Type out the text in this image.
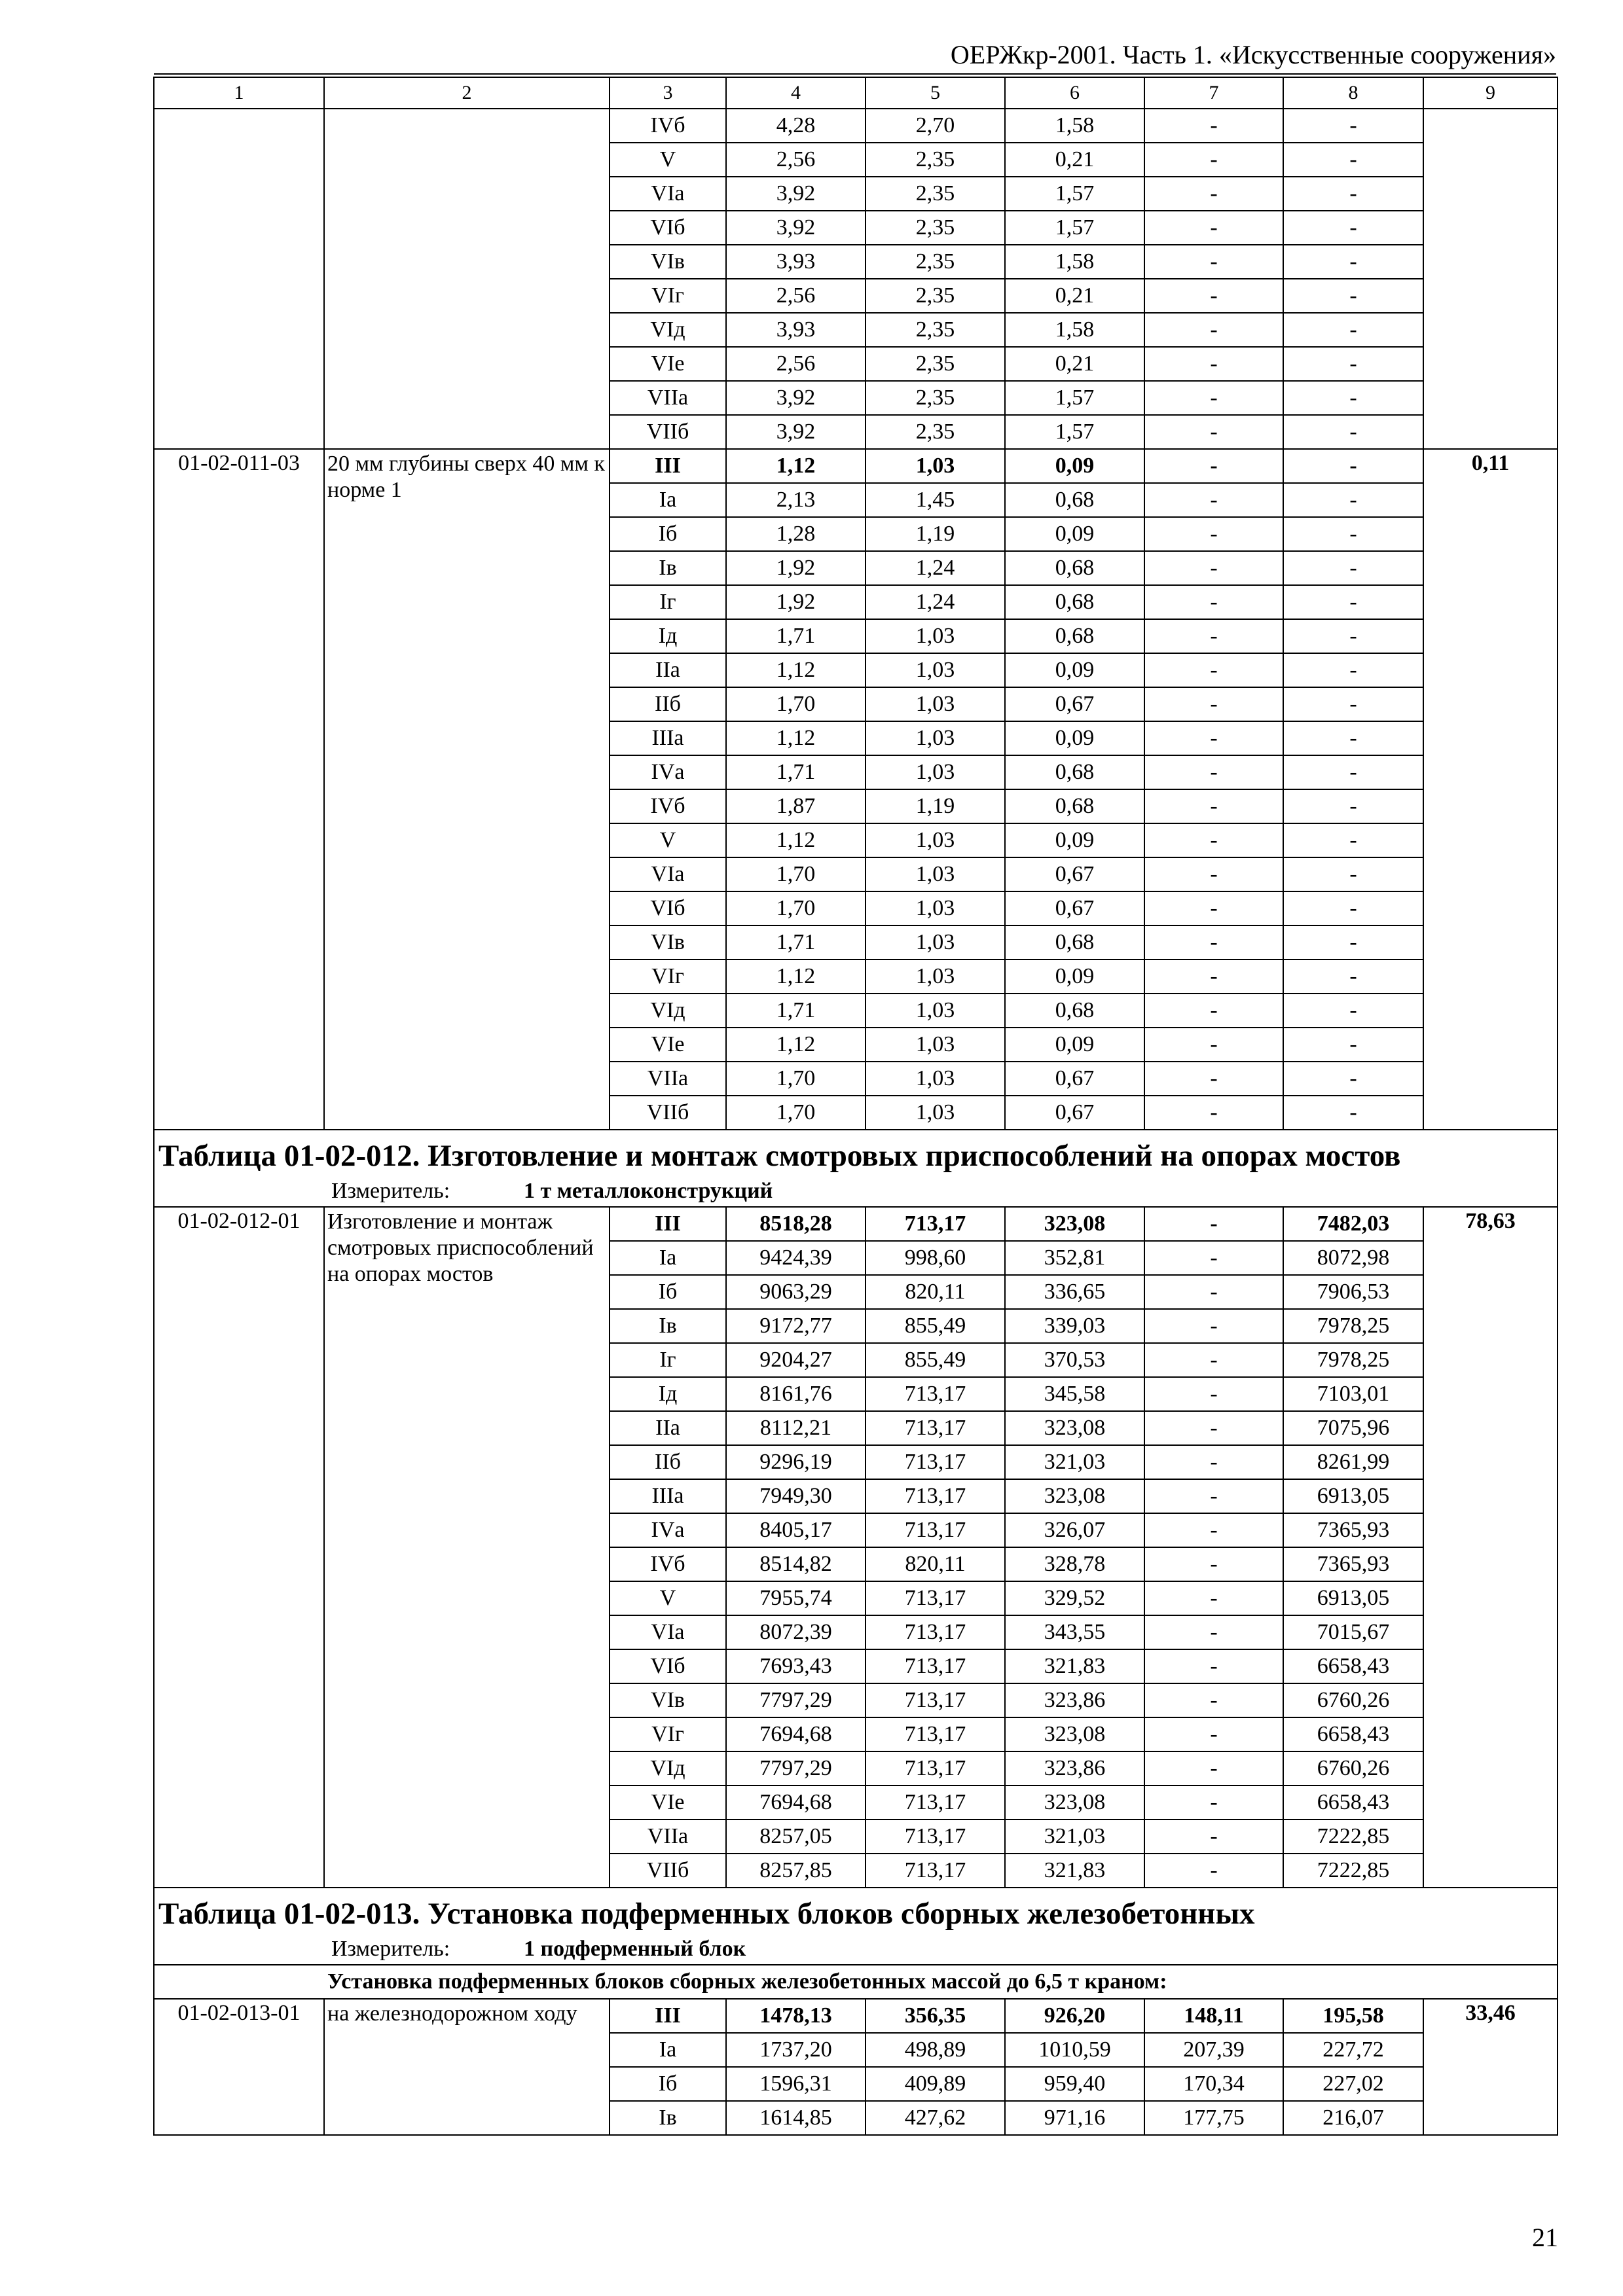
ОЕРЖкр-2001. Часть 1. «Искусственные сооружения»
1	2	3	4	5	6	7	8	9
		IVб	4,28	2,70	1,58	-	-	
		V	2,56	2,35	0,21	-	-	
		VIа	3,92	2,35	1,57	-	-	
		VIб	3,92	2,35	1,57	-	-	
		VIв	3,93	2,35	1,58	-	-	
		VIг	2,56	2,35	0,21	-	-	
		VIд	3,93	2,35	1,58	-	-	
		VIе	2,56	2,35	0,21	-	-	
		VIIа	3,92	2,35	1,57	-	-	
		VIIб	3,92	2,35	1,57	-	-	
01-02-011-03	20 мм глубины сверх 40 мм к норме 1	III	1,12	1,03	0,09	-	-	0,11
		Iа	2,13	1,45	0,68	-	-	
		Iб	1,28	1,19	0,09	-	-	
		Iв	1,92	1,24	0,68	-	-	
		Iг	1,92	1,24	0,68	-	-	
		Iд	1,71	1,03	0,68	-	-	
		IIа	1,12	1,03	0,09	-	-	
		IIб	1,70	1,03	0,67	-	-	
		IIIа	1,12	1,03	0,09	-	-	
		IVа	1,71	1,03	0,68	-	-	
		IVб	1,87	1,19	0,68	-	-	
		V	1,12	1,03	0,09	-	-	
		VIа	1,70	1,03	0,67	-	-	
		VIб	1,70	1,03	0,67	-	-	
		VIв	1,71	1,03	0,68	-	-	
		VIг	1,12	1,03	0,09	-	-	
		VIд	1,71	1,03	0,68	-	-	
		VIе	1,12	1,03	0,09	-	-	
		VIIа	1,70	1,03	0,67	-	-	
		VIIб	1,70	1,03	0,67	-	-	

Таблица 01-02-012. Изготовление и монтаж смотровых приспособлений на опорах мостов
Измеритель: 1 т металлоконструкций								

01-02-012-01	Изготовление и монтаж смотровых приспособлений на опорах мостов	III	8518,28	713,17	323,08	-	7482,03	78,63
		Iа	9424,39	998,60	352,81	-	8072,98	
		Iб	9063,29	820,11	336,65	-	7906,53	
		Iв	9172,77	855,49	339,03	-	7978,25	
		Iг	9204,27	855,49	370,53	-	7978,25	
		Iд	8161,76	713,17	345,58	-	7103,01	
		IIа	8112,21	713,17	323,08	-	7075,96	
		IIб	9296,19	713,17	321,03	-	8261,99	
		IIIа	7949,30	713,17	323,08	-	6913,05	
		IVа	8405,17	713,17	326,07	-	7365,93	
		IVб	8514,82	820,11	328,78	-	7365,93	
		V	7955,74	713,17	329,52	-	6913,05	
		VIа	8072,39	713,17	343,55	-	7015,67	
		VIб	7693,43	713,17	321,83	-	6658,43	
		VIв	7797,29	713,17	323,86	-	6760,26	
		VIг	7694,68	713,17	323,08	-	6658,43	
		VIд	7797,29	713,17	323,86	-	6760,26	
		VIе	7694,68	713,17	323,08	-	6658,43	
		VIIа	8257,05	713,17	321,03	-	7222,85	
		VIIб	8257,85	713,17	321,83	-	7222,85	

Таблица 01-02-013. Установка подферменных блоков сборных железобетонных
Измеритель: 1 подферменный блок								

Установка подферменных блоков сборных железобетонных массой до 6,5 т краном:								
01-02-013-01	на железнодорожном ходу	III	1478,13	356,35	926,20	148,11	195,58	33,46
		Iа	1737,20	498,89	1010,59	207,39	227,72	
		Iб	1596,31	409,89	959,40	170,34	227,02	
		Iв	1614,85	427,62	971,16	177,75	216,07	
21
